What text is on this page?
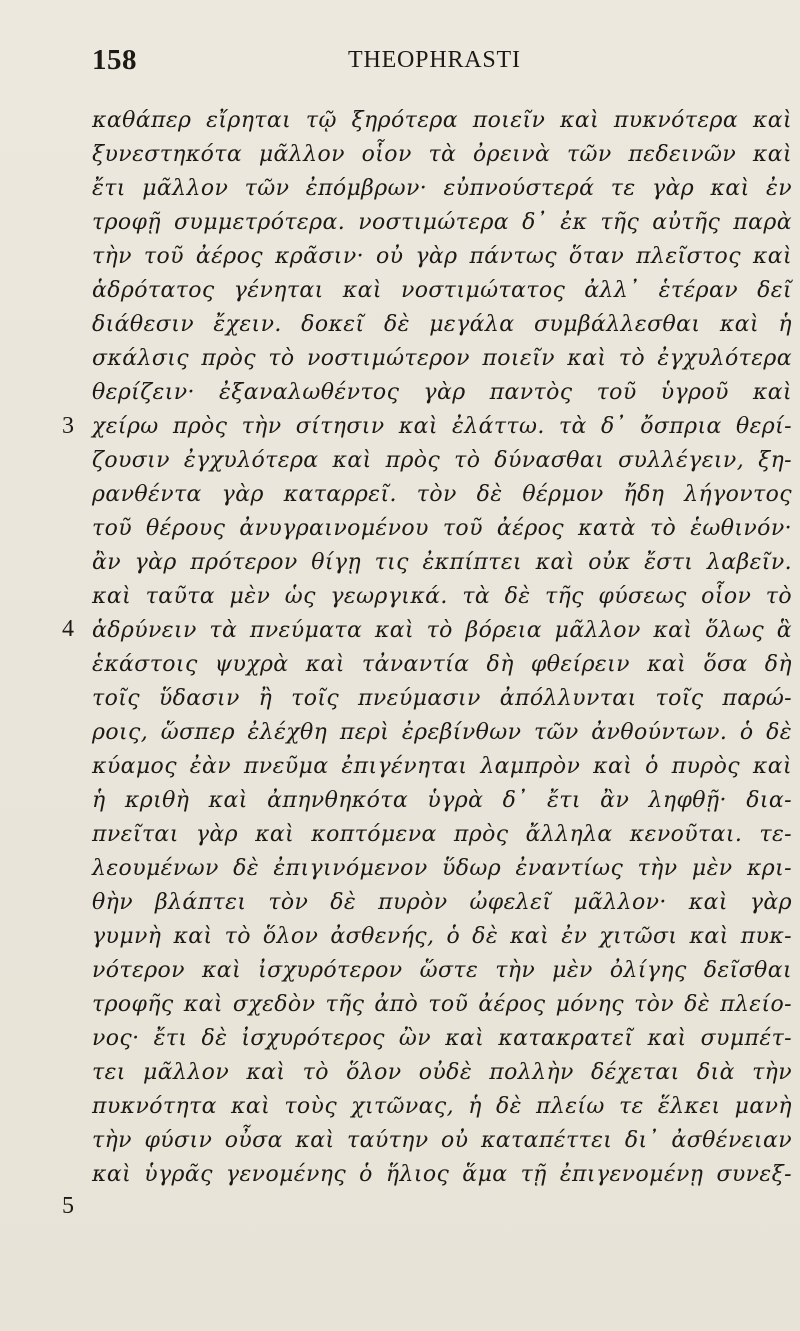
158	THEOPHRASTI
3
4
5
καθάπερ εἴρηται τῷ ξηρότερα ποιεῖν καὶ πυκνότερα καὶ
ξυνεστηκότα μᾶλλον οἷον τὰ ὀρεινὰ τῶν πεδεινῶν καὶ
ἔτι μᾶλλον τῶν ἐπόμβρων· εὐπνούστερά τε γὰρ καὶ ἐν
τροφῇ συμμετρότερα. νοστιμώτερα δ᾿ ἐκ τῆς αὐτῆς παρὰ
τὴν τοῦ ἀέρος κρᾶσιν· οὐ γὰρ πάντως ὅταν πλεῖστος καὶ
ἁδρότατος γένηται καὶ νοστιμώτατος ἀλλ᾿ ἑτέραν δεῖ
διάθεσιν ἔχειν. δοκεῖ δὲ μεγάλα συμβάλλεσθαι καὶ ἡ
σκάλσις πρὸς τὸ νοστιμώτερον ποιεῖν καὶ τὸ ἐγχυλότερα
θερίζειν· ἐξαναλωθέντος γὰρ παντὸς τοῦ ὑγροῦ καὶ
χείρω πρὸς τὴν σίτησιν καὶ ἐλάττω. τὰ δ᾿ ὄσπρια θερί-
ζουσιν ἐγχυλότερα καὶ πρὸς τὸ δύνασθαι συλλέγειν, ξη-
ρανθέντα γὰρ καταρρεῖ. τὸν δὲ θέρμον ἤδη λήγοντος
τοῦ θέρους ἀνυγραινομένου τοῦ ἀέρος κατὰ τὸ ἑωθινόν·
ἂν γὰρ πρότερον θίγῃ τις ἐκπίπτει καὶ οὐκ ἔστι λαβεῖν.
καὶ ταῦτα μὲν ὡς γεωργικά. τὰ δὲ τῆς φύσεως οἷον τὸ
ἁδρύνειν τὰ πνεύματα καὶ τὸ βόρεια μᾶλλον καὶ ὅλως ἃ
ἑκάστοις ψυχρὰ καὶ τἀναντία δὴ φθείρειν καὶ ὅσα δὴ
τοῖς ὕδασιν ἢ τοῖς πνεύμασιν ἀπόλλυνται τοῖς παρώ-
ροις, ὥσπερ ἐλέχθη περὶ ἐρεβίνθων τῶν ἀνθούντων. ὁ δὲ
κύαμος ἐὰν πνεῦμα ἐπιγένηται λαμπρὸν καὶ ὁ πυρὸς καὶ
ἡ κριθὴ καὶ ἀπηνθηκότα ὑγρὰ δ᾿ ἔτι ἂν ληφθῇ· δια-
πνεῖται γὰρ καὶ κοπτόμενα πρὸς ἄλληλα κενοῦται. τε-
λεουμένων δὲ ἐπιγινόμενον ὕδωρ ἐναντίως τὴν μὲν κρι-
θὴν βλάπτει τὸν δὲ πυρὸν ὠφελεῖ μᾶλλον· καὶ γὰρ
γυμνὴ καὶ τὸ ὅλον ἀσθενής, ὁ δὲ καὶ ἐν χιτῶσι καὶ πυκ-
νότερον καὶ ἰσχυρότερον ὥστε τὴν μὲν ὀλίγης δεῖσθαι
τροφῆς καὶ σχεδὸν τῆς ἀπὸ τοῦ ἀέρος μόνης τὸν δὲ πλείο-
νος· ἔτι δὲ ἰσχυρότερος ὢν καὶ κατακρατεῖ καὶ συμπέτ-
τει μᾶλλον καὶ τὸ ὅλον οὐδὲ πολλὴν δέχεται διὰ τὴν
πυκνότητα καὶ τοὺς χιτῶνας, ἡ δὲ πλείω τε ἕλκει μανὴ
τὴν φύσιν οὖσα καὶ ταύτην οὐ καταπέττει δι᾿ ἀσθένειαν
καὶ ὑγρᾶς γενομένης ὁ ἥλιος ἅμα τῇ ἐπιγενομένῃ συνεξ-
